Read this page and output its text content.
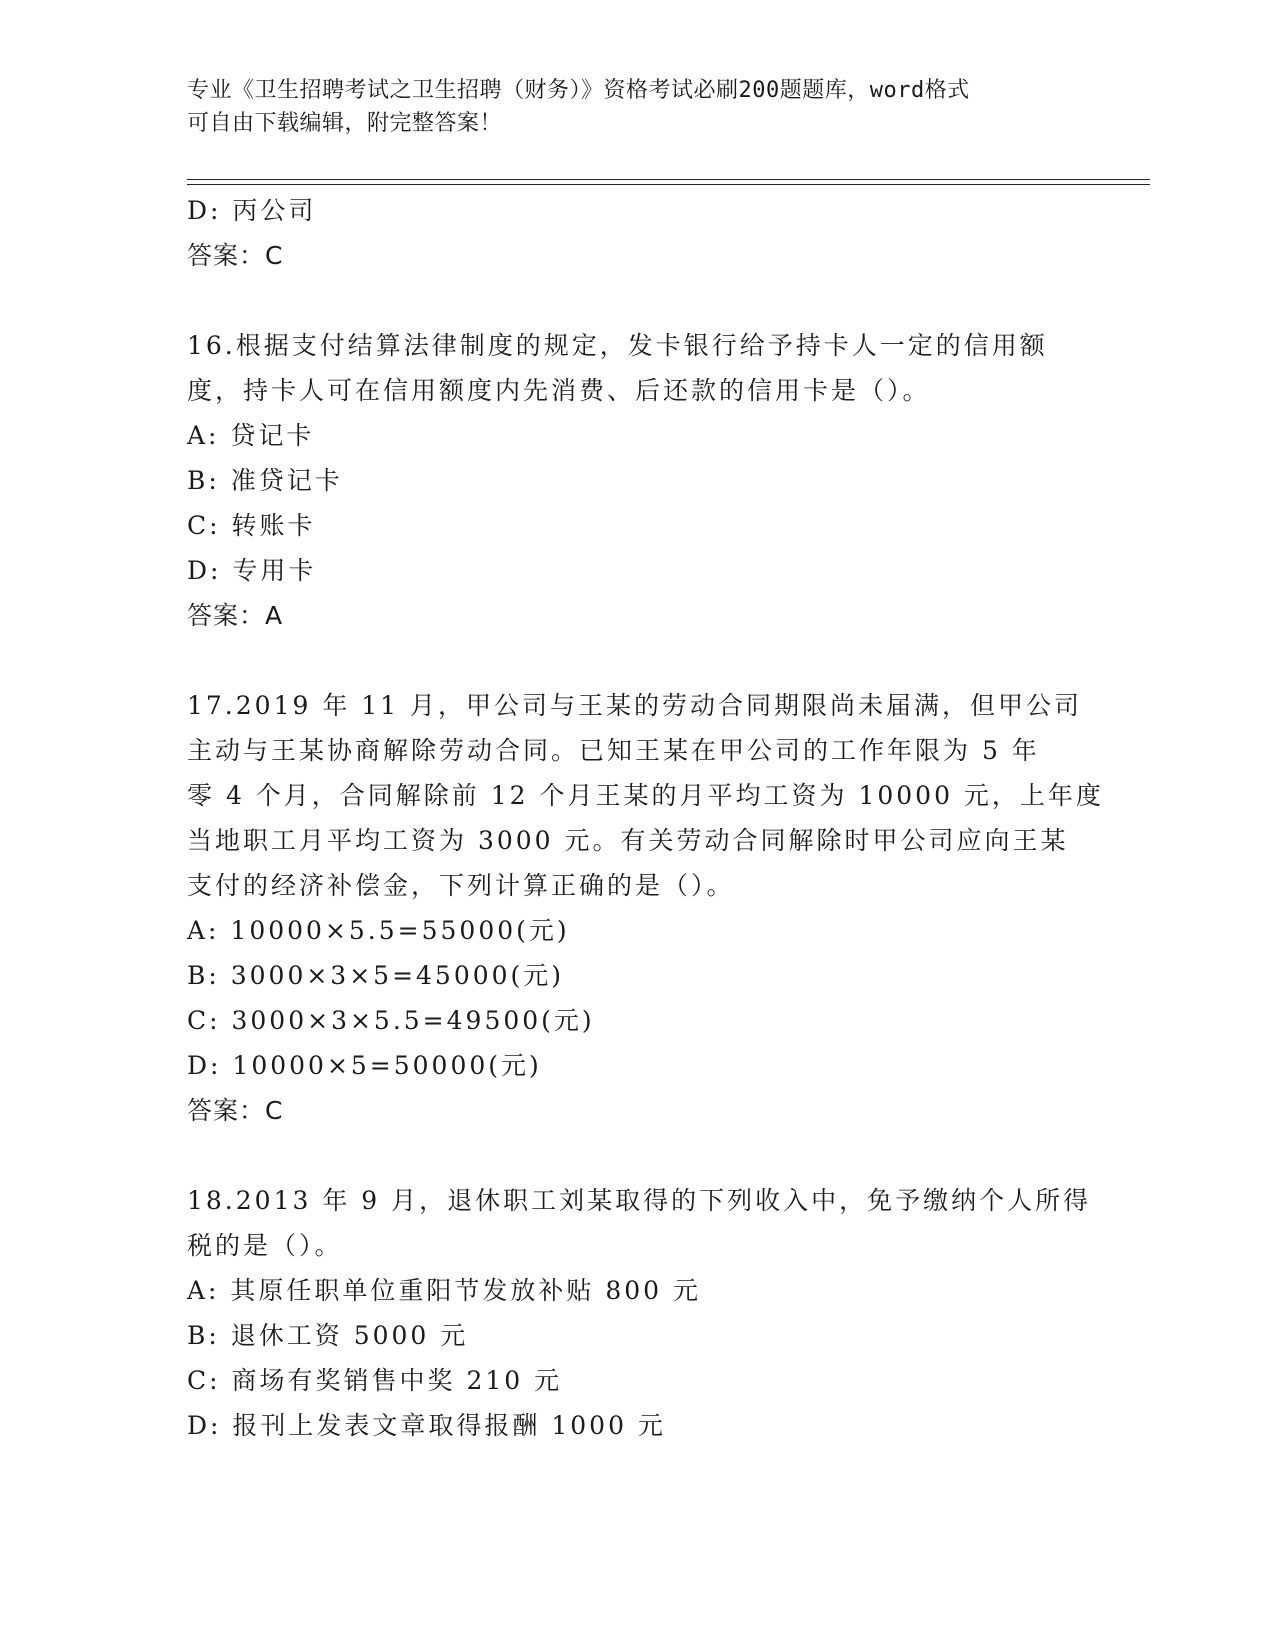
专业《卫生招聘考试之卫生招聘（财务）》资格考试必刷200题题库，word格式
可自由下载编辑，附完整答案！
D: 丙公司
答案：C
16.根据支付结算法律制度的规定，发卡银行给予持卡人一定的信用额
度，持卡人可在信用额度内先消费、后还款的信用卡是（）。
A: 贷记卡
B: 准贷记卡
C: 转账卡
D: 专用卡
答案：A
17.2019 年 11 月，甲公司与王某的劳动合同期限尚未届满，但甲公司
主动与王某协商解除劳动合同。已知王某在甲公司的工作年限为 5 年
零 4 个月，合同解除前 12 个月王某的月平均工资为 10000 元，上年度
当地职工月平均工资为 3000 元。有关劳动合同解除时甲公司应向王某
支付的经济补偿金，下列计算正确的是（）。
A: 10000×5.5=55000(元)
B: 3000×3×5=45000(元)
C: 3000×3×5.5=49500(元)
D: 10000×5=50000(元)
答案：C
18.2013 年 9 月，退休职工刘某取得的下列收入中，免予缴纳个人所得
税的是（）。
A: 其原任职单位重阳节发放补贴 800 元
B: 退休工资 5000 元
C: 商场有奖销售中奖 210 元
D: 报刊上发表文章取得报酬 1000 元
